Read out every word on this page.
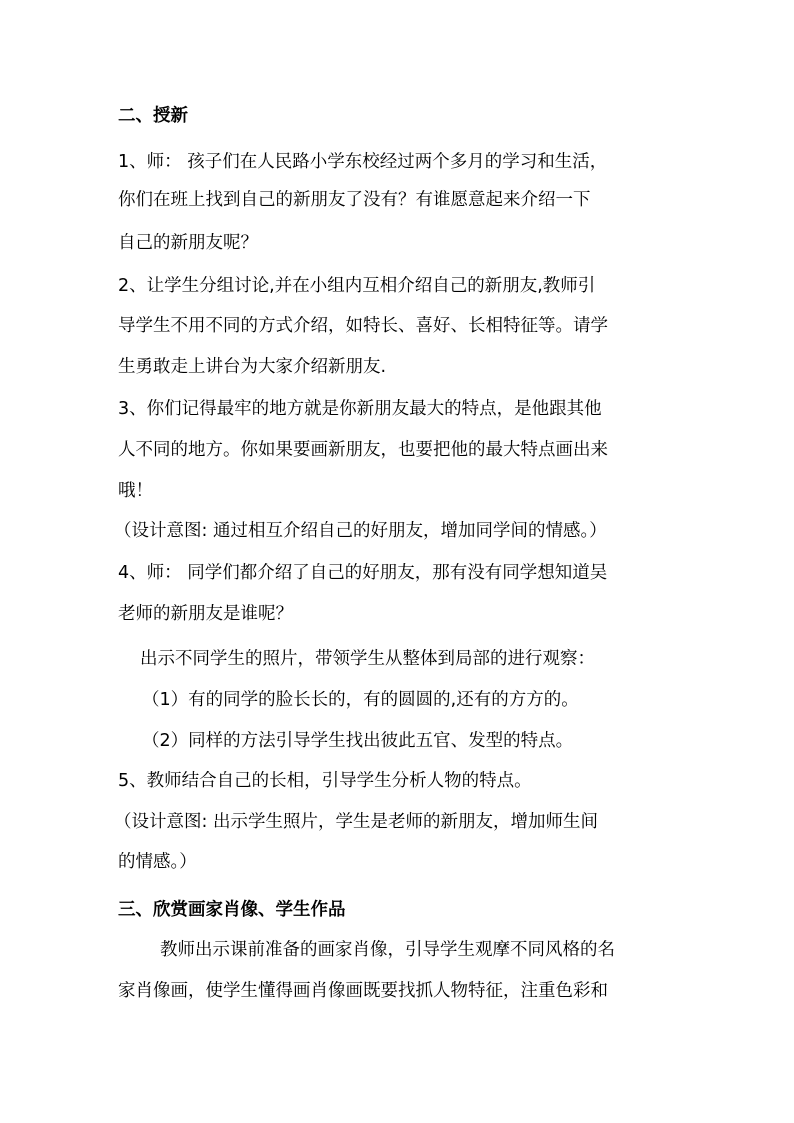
二、授新
1、师： 孩子们在人民路小学东校经过两个多月的学习和生活，
你们在班上找到自己的新朋友了没有？有谁愿意起来介绍一下
自己的新朋友呢？
2、让学生分组讨论,并在小组内互相介绍自己的新朋友,教师引
导学生不用不同的方式介绍，如特长、喜好、长相特征等。请学
生勇敢走上讲台为大家介绍新朋友.
3、你们记得最牢的地方就是你新朋友最大的特点，是他跟其他
人不同的地方。你如果要画新朋友，也要把他的最大特点画出来
哦！
（设计意图: 通过相互介绍自己的好朋友，增加同学间的情感。）
4、师： 同学们都介绍了自己的好朋友，那有没有同学想知道吴
老师的新朋友是谁呢？
出示不同学生的照片，带领学生从整体到局部的进行观察：
（1）有的同学的脸长长的，有的圆圆的,还有的方方的。
（2）同样的方法引导学生找出彼此五官、发型的特点。
5、教师结合自己的长相，引导学生分析人物的特点。
（设计意图: 出示学生照片，学生是老师的新朋友，增加师生间
的情感。）
三、欣赏画家肖像、学生作品
教师出示课前准备的画家肖像，引导学生观摩不同风格的名
家肖像画，使学生懂得画肖像画既要找抓人物特征，注重色彩和
